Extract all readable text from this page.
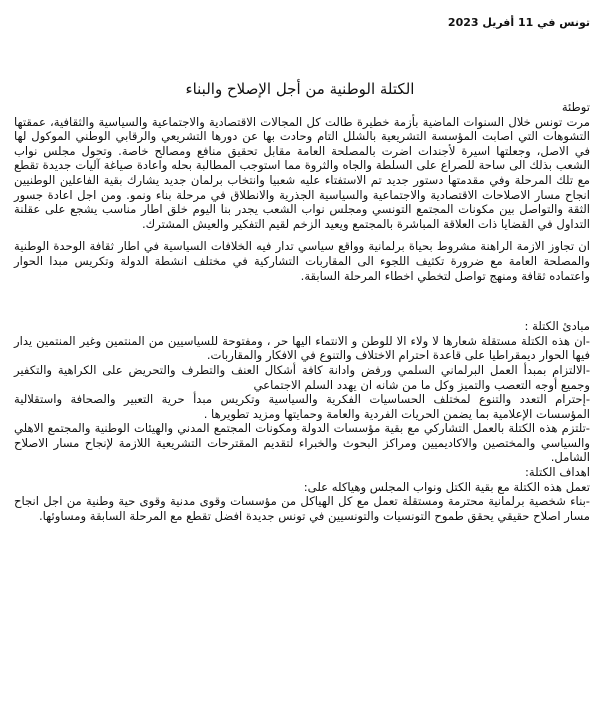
تونس في 11 أفريل 2023
الكتلة الوطنية من أجل الإصلاح والبناء

توطئة

مرت تونس خلال السنوات الماضية بأزمة خطيرة طالت كل المجالات الاقتصادية والاجتماعية والسياسية والثقافية، عمقتها التشوهات التي اصابت المؤسسة التشريعية بالشلل التام وحادت بها عن دورها التشريعي والرقابي الوطني الموكول لها في الاصل، وجعلتها اسيرة لأجندات اضرت بالمصلحة العامة مقابل تحقيق منافع ومصالح خاصة. وتحول مجلس نواب الشعب بذلك الى ساحة للصراع على السلطة والجاه والثروة مما استوجب المطالبة بحله واعادة صياغة آليات جديدة تقطع مع تلك المرحلة وفي مقدمتها دستور جديد تم الاستفتاء عليه شعبيا وانتخاب برلمان جديد يشارك بقية الفاعلين الوطنيين انجاح مسار الاصلاحات الاقتصادية والاجتماعية والسياسية الجذرية والانطلاق في مرحلة بناء ونمو. ومن اجل اعادة جسور الثقة والتواصل بين مكونات المجتمع التونسي ومجلس نواب الشعب يجدر بنا اليوم خلق اطار مناسب يشجع على عقلنة التداول في القضايا ذات العلاقة المباشرة بالمجتمع ويعيد الزخم لقيم التفكير والعيش المشترك.

ان تجاوز الازمة الراهنة مشروط بحياة برلمانية وواقع سياسي تدار فيه الخلافات السياسية في اطار ثقافة الوحدة الوطنية والمصلحة العامة مع ضرورة تكثيف اللجوء الى المقاربات التشاركية في مختلف انشطة الدولة وتكريس مبدا الحوار واعتماده ثقافة ومنهج تواصل لتخطي اخطاء المرحلة السابقة.

مبادئ الكتلة :

-ان هذه الكتلة مستقلة شعارها لا ولاء الا للوطن و الانتماء اليها حر ، ومفتوحة للسياسيين من المنتمين وغير المنتمين يدار فيها الحوار ديمقراطيا على قاعدة احترام الاختلاف والتنوع في الافكار والمقاربات.

-الالتزام بمبدأ العمل البرلماني السلمي ورفض وادانة كافة أشكال العنف والتطرف والتحريض على الكراهية والتكفير وجميع أوجه التعصب والتميز وكل ما من شانه ان يهدد السلم الاجتماعي

-إحترام التعدد والتنوع لمختلف الحساسيات الفكرية والسياسية وتكريس مبدأ حرية التعبير والصحافة واستقلالية المؤسسات الإعلامية بما يضمن الحريات الفردية والعامة وحمايتها ومزيد تطويرها .

-تلتزم هذه الكتلة بالعمل التشاركي مع بقية مؤسسات الدولة ومكونات المجتمع المدني والهيئات الوطنية والمجتمع الاهلي والسياسي والمختصين والاكاديميين ومراكز البحوث والخبراء لتقديم المقترحات التشريعية اللازمة لإنجاح مسار الاصلاح الشامل.

اهداف الكتلة:

تعمل هذه الكتلة مع بقية الكتل ونواب المجلس وهياكله على:

-بناء شخصية برلمانية محترمة ومستقلة تعمل مع كل الهياكل من مؤسسات وقوى مدنية وقوى حية وطنية من اجل انجاح مسار اصلاح حقيقي يحقق طموح التونسيات والتونسيين في تونس جديدة افضل تقطع مع المرحلة السابقة ومساوئها.
